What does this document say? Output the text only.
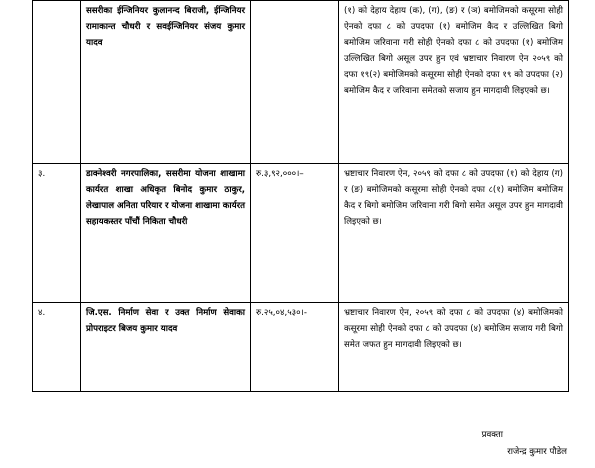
	ससरीका ईन्जिनियर कुलानन्द बिराजी, ईन्जिनियर रामाकान्त चौधरी र सवईन्जिनियर संजय कुमार यादव		(१) को देहाय देहाय (क), (ग), (ङ) र (ञ) बमोजिमको कसूरमा सोही ऐनको दफा ८ को उपदफा (१) बमोजिम कैद र उल्लिखित बिगो बमोजिम जरिवाना गरी सोही ऐनको दफा ८ को उपदफा (१) बमोजिम उल्लिखित बिगो असूल उपर हुन एवं भ्रष्टाचार निवारण ऐन २०५९ को दफा १९(२) बमोजिमको कसूरमा सोही ऐनको दफा १९ को उपदफा (२) बमोजिम कैद र जरिवाना समेतको सजाय हुन मागदावी लिइएको छ।
३.	डाक्नेश्वरी नगरपालिका, ससरीमा योजना शाखामा कार्यरत शाखा अधिकृत बिनोद कुमार ठाकुर, लेखापाल अनिता परियार र योजना शाखामा कार्यरत सहायकस्तर पाँचौं निकिता चौधरी	रु.३,९२,०००।–	भ्रष्टाचार निवारण ऐन, २०५९ को दफा ८ को उपदफा (१) को देहाय (ग) र (ङ) बमोजिमको कसूरमा सोही ऐनको दफा ८(१) बमोजिम बमोजिम कैद र बिगो बमोजिम जरिवाना गरी बिगो समेत असूल उपर हुन मागदावी लिइएको छ।
४.	जि.एस. निर्माण सेवा र उक्त निर्माण सेवाका प्रोपराइटर बिजय कुमार यादव	रु.२५,०४,५३०।-	भ्रष्टाचार निवारण ऐन, २०५९ को दफा ८ को उपदफा (४) बमोजिमको कसूरमा सोही ऐनको दफा ८ को उपदफा (४) बमोजिम सजाय गरी बिगो समेत जफत हुन मागदावी लिइएको छ।
प्रवक्ता
राजेन्द्र कुमार पौडेल
